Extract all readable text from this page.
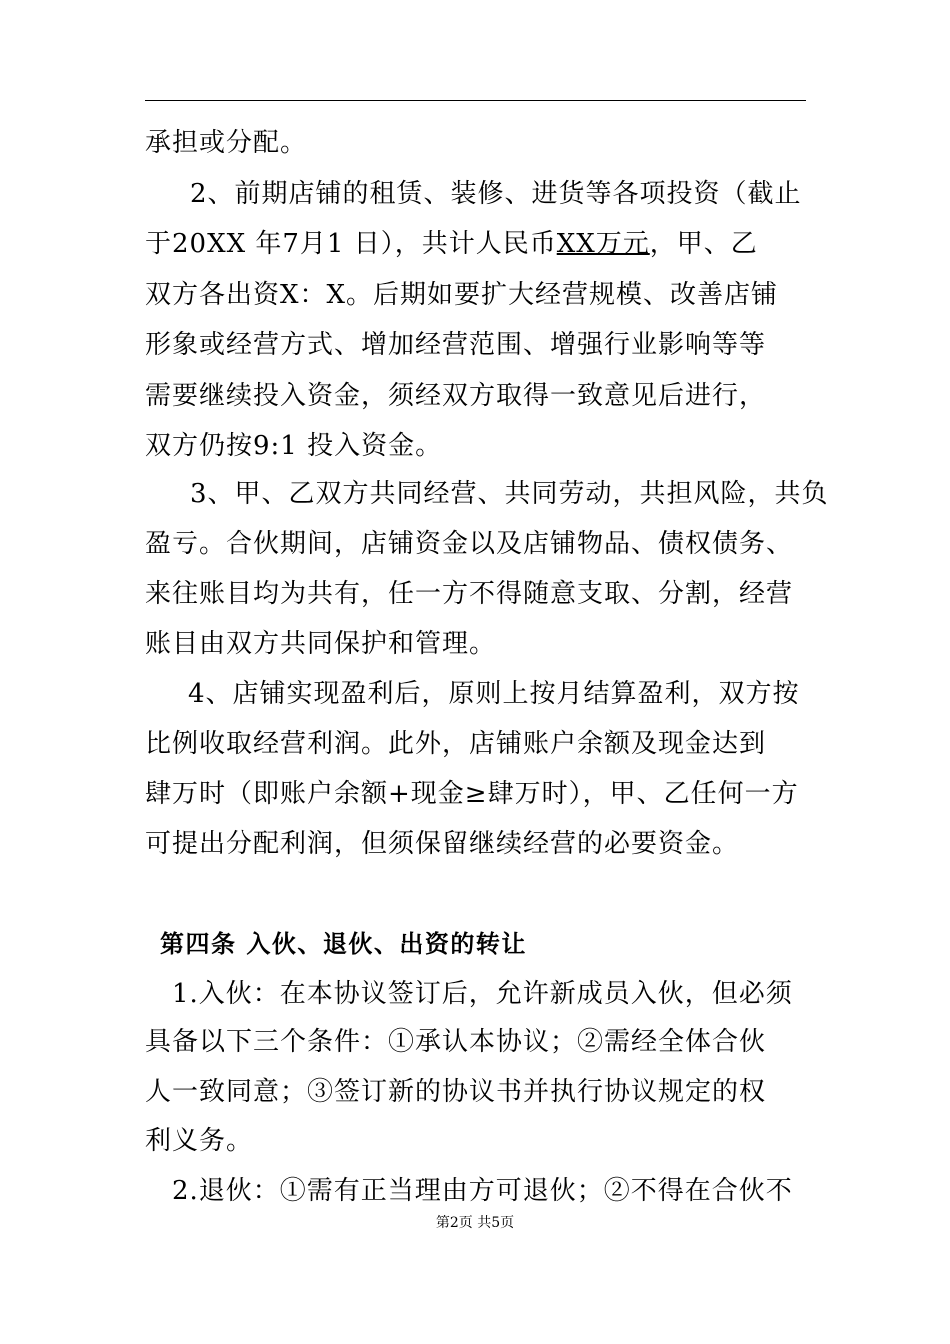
承担或分配。
2、前期店铺的租赁、装修、进货等各项投资（截止
于20XX 年7月1 日），共计人民币XX万元，甲、乙
双方各出资X：X。后期如要扩大经营规模、改善店铺
形象或经营方式、增加经营范围、增强行业影响等等
需要继续投入资金，须经双方取得一致意见后进行，
双方仍按9:1 投入资金。
3、甲、乙双方共同经营、共同劳动，共担风险，共负
盈亏。合伙期间，店铺资金以及店铺物品、债权债务、
来往账目均为共有，任一方不得随意支取、分割，经营
账目由双方共同保护和管理。
4、店铺实现盈利后，原则上按月结算盈利，双方按
比例收取经营利润。此外，店铺账户余额及现金达到
肆万时（即账户余额+现金≥肆万时），甲、乙任何一方
可提出分配利润，但须保留继续经营的必要资金。
第四条 入伙、退伙、出资的转让
1.入伙：在本协议签订后，允许新成员入伙，但必须
具备以下三个条件：①承认本协议；②需经全体合伙
人一致同意；③签订新的协议书并执行协议规定的权
利义务。
2.退伙：①需有正当理由方可退伙；②不得在合伙不
第2页 共5页
